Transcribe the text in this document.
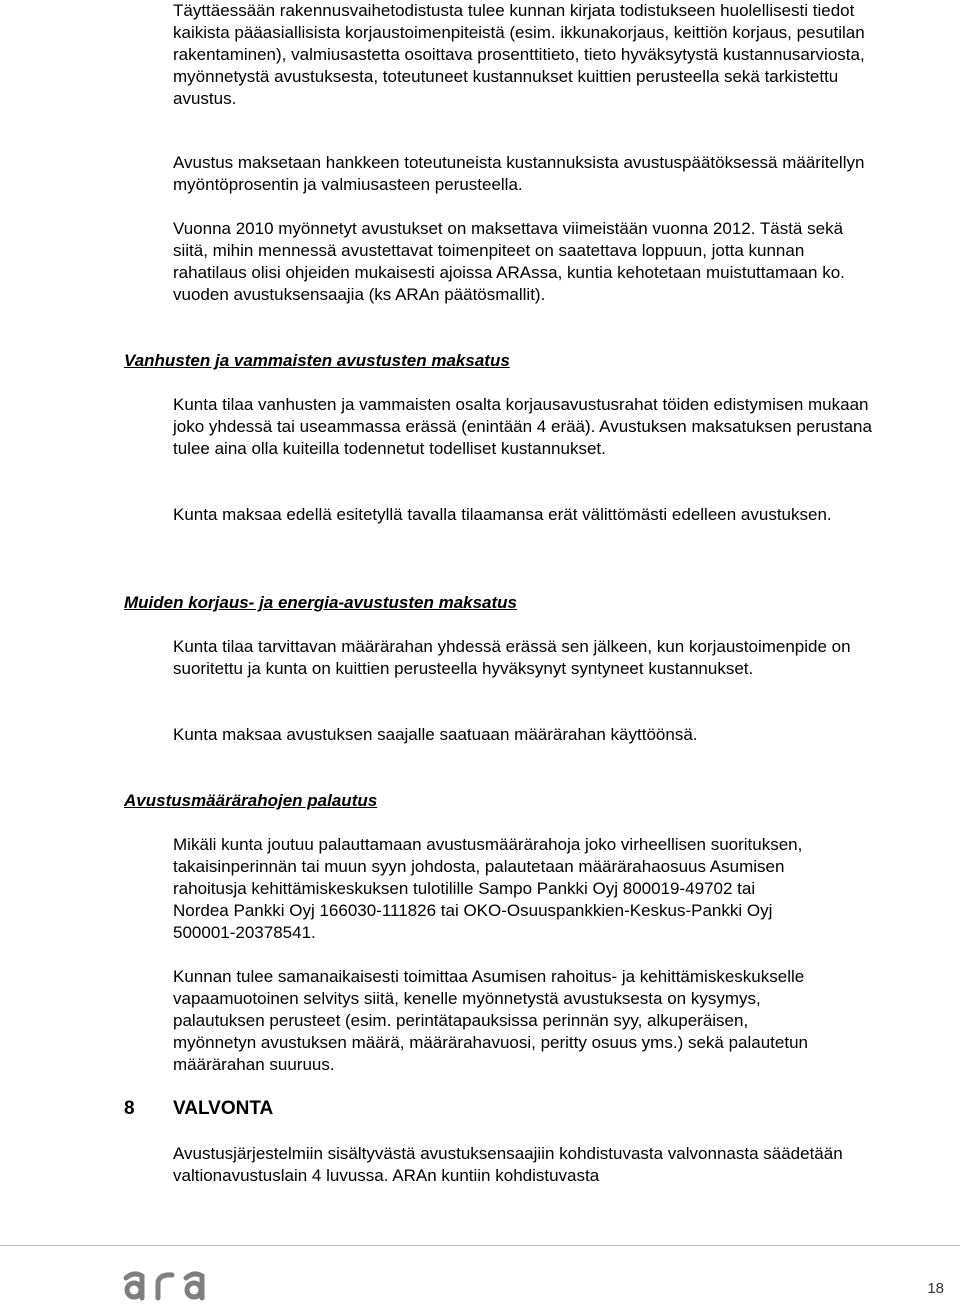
Täyttäessään rakennusvaihetodistusta tulee kunnan kirjata todistukseen huolellisesti tiedot kaikista pääasiallisista korjaustoimenpiteistä (esim. ikkunakorjaus, keittiön korjaus, pesutilan rakentaminen), valmiusastetta osoittava prosenttitieto, tieto hyväksytystä kustannusarviosta, myönnetystä avustuksesta, toteutuneet kustannukset kuittien perusteella sekä tarkistettu avustus.

Avustus maksetaan hankkeen toteutuneista kustannuksista avustuspäätöksessä määritellyn myöntöprosentin ja valmiusasteen perusteella.

Vuonna 2010 myönnetyt avustukset on maksettava viimeistään vuonna 2012. Tästä sekä siitä, mihin mennessä avustettavat toimenpiteet on saatettava loppuun, jotta kunnan rahatilaus olisi ohjeiden mukaisesti ajoissa ARAssa, kuntia kehotetaan muistuttamaan ko. vuoden avustuksensaajia (ks ARAn päätösmallit).

Vanhusten ja vammaisten avustusten maksatus

Kunta tilaa vanhusten ja vammaisten osalta korjausavustusrahat töiden edistymisen mukaan joko yhdessä tai useammassa erässä (enintään 4 erää). Avustuksen maksatuksen perustana tulee aina olla kuiteilla todennetut todelliset kustannukset.

Kunta maksaa edellä esitetyllä tavalla tilaamansa erät välittömästi edelleen avustuksen.

Muiden korjaus- ja energia-avustusten maksatus

Kunta tilaa tarvittavan määrärahan yhdessä erässä sen jälkeen, kun korjaustoimenpide on suoritettu ja kunta on kuittien perusteella hyväksynyt syntyneet kustannukset.

Kunta maksaa avustuksen saajalle saatuaan määrärahan käyttöönsä.

Avustusmäärärahojen palautus

Mikäli kunta joutuu palauttamaan avustusmäärärahoja joko virheellisen suorituksen, takaisinperinnän tai muun syyn johdosta, palautetaan määrärahaosuus Asumisen rahoitusja kehittämiskeskuksen tulotilille Sampo Pankki Oyj 800019-49702 tai Nordea Pankki Oyj 166030-111826 tai OKO-Osuuspankkien-Keskus-Pankki Oyj 500001-20378541.

Kunnan tulee samanaikaisesti toimittaa Asumisen rahoitus- ja kehittämiskeskukselle vapaamuotoinen selvitys siitä, kenelle myönnetystä avustuksesta on kysymys, palautuksen perusteet (esim. perintätapauksissa perinnän syy, alkuperäisen, myönnetyn avustuksen määrä, määrärahavuosi, peritty osuus yms.) sekä palautetun määrärahan suuruus.

8 VALVONTA

Avustusjärjestelmiin sisältyvästä avustuksensaajiin kohdistuvasta valvonnasta säädetään valtionavustuslain 4 luvussa. ARAn kuntiin kohdistuvasta

18
